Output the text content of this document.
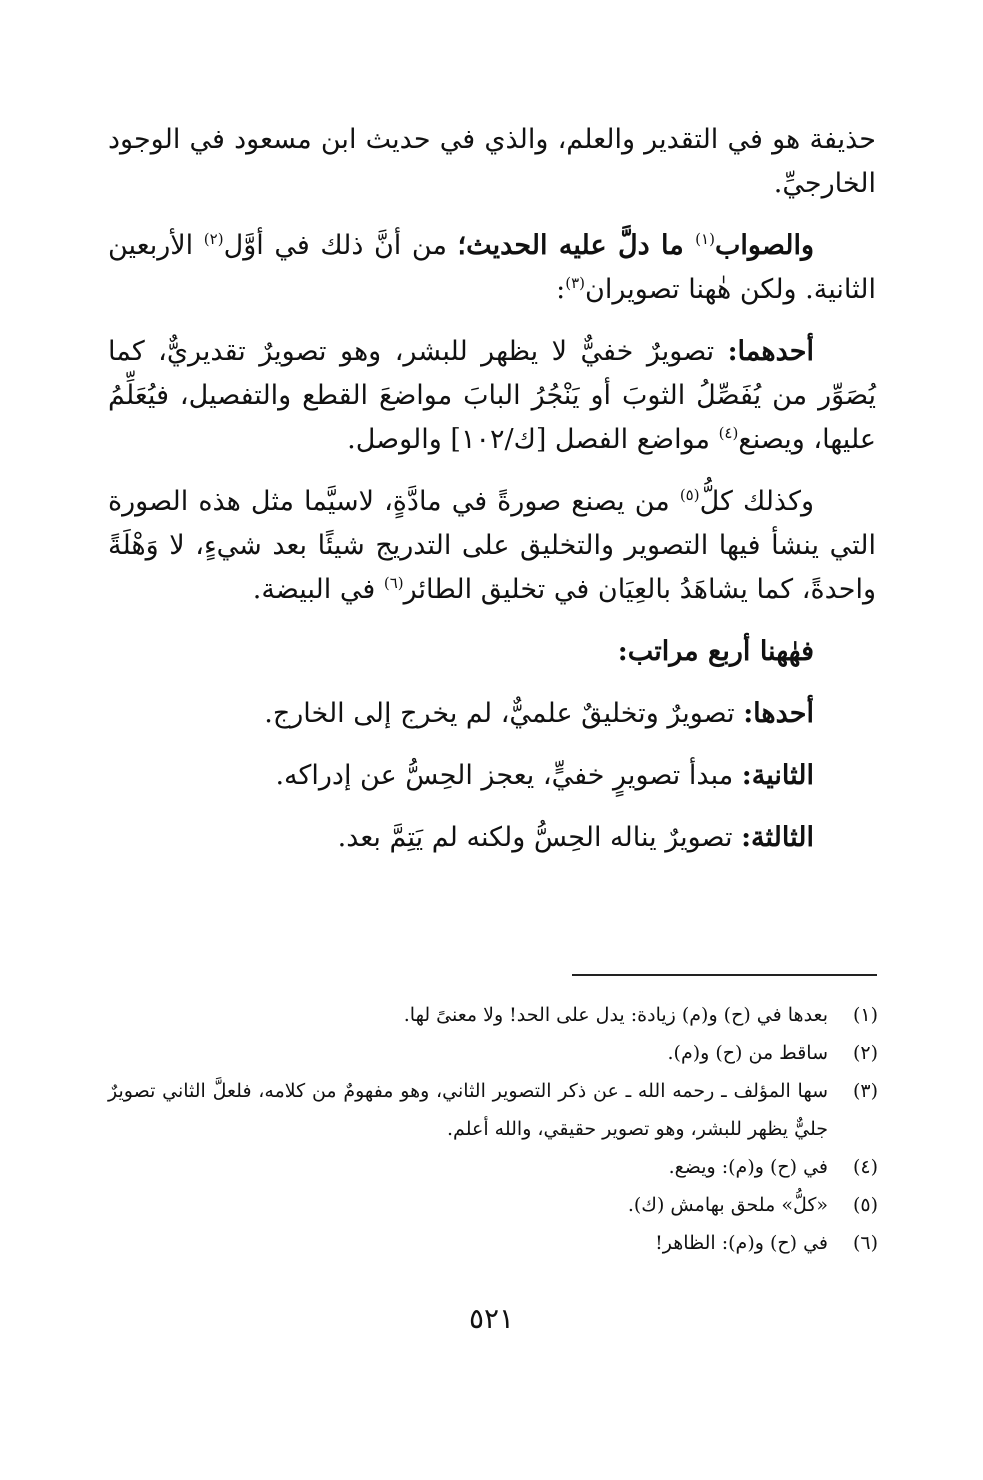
حذيفة هو في التقدير والعلم، والذي في حديث ابن مسعود في الوجود الخارجيِّ.

والصواب$^{(١)}$ ما دلَّ عليه الحديث؛ من أنَّ ذلك في أوَّل$^{(٢)}$ الأربعين الثانية. ولكن هٰهنا تصويران$^{(٣)}$:

أحدهما: تصويرٌ خفيٌّ لا يظهر للبشر، وهو تصويرٌ تقديريٌّ، كما يُصَوِّر من يُفَصِّلُ الثوبَ أو يَنْجُرُ البابَ مواضعَ القطع والتفصيل، فيُعَلِّمُ عليها، ويصنع$^{(٤)}$ مواضع الفصل [ك/١٠٢] والوصل.

وكذلك كلُّ$^{(٥)}$ من يصنع صورةً في مادَّةٍ، لاسيَّما مثل هذه الصورة التي ينشأ فيها التصوير والتخليق على التدريج شيئًا بعد شيءٍ، لا وَهْلَةً واحدةً، كما يشاهَدُ بالعِيَان في تخليق الطائر$^{(٦)}$ في البيضة.

فهٰهنا أربع مراتب:

أحدها: تصويرٌ وتخليقٌ علميٌّ، لم يخرج إلى الخارج.

الثانية: مبدأ تصويرٍ خفيٍّ، يعجز الحِسُّ عن إدراكه.

الثالثة: تصويرٌ يناله الحِسُّ ولكنه لم يَتِمَّ بعد.

(١)
بعدها في (ح) و(م) زيادة: يدل على الحد! ولا معنىً لها.
(٢)
ساقط من (ح) و(م).
(٣)
سها المؤلف ـ رحمه الله ـ عن ذكر التصوير الثاني، وهو مفهومٌ من كلامه، فلعلَّ الثاني تصويرٌ جليٌّ يظهر للبشر، وهو تصوير حقيقي، والله أعلم.
(٤)
في (ح) و(م): ويضع.
(٥)
«كلُّ» ملحق بهامش (ك).
(٦)
في (ح) و(م): الظاهر!
٥٢١
